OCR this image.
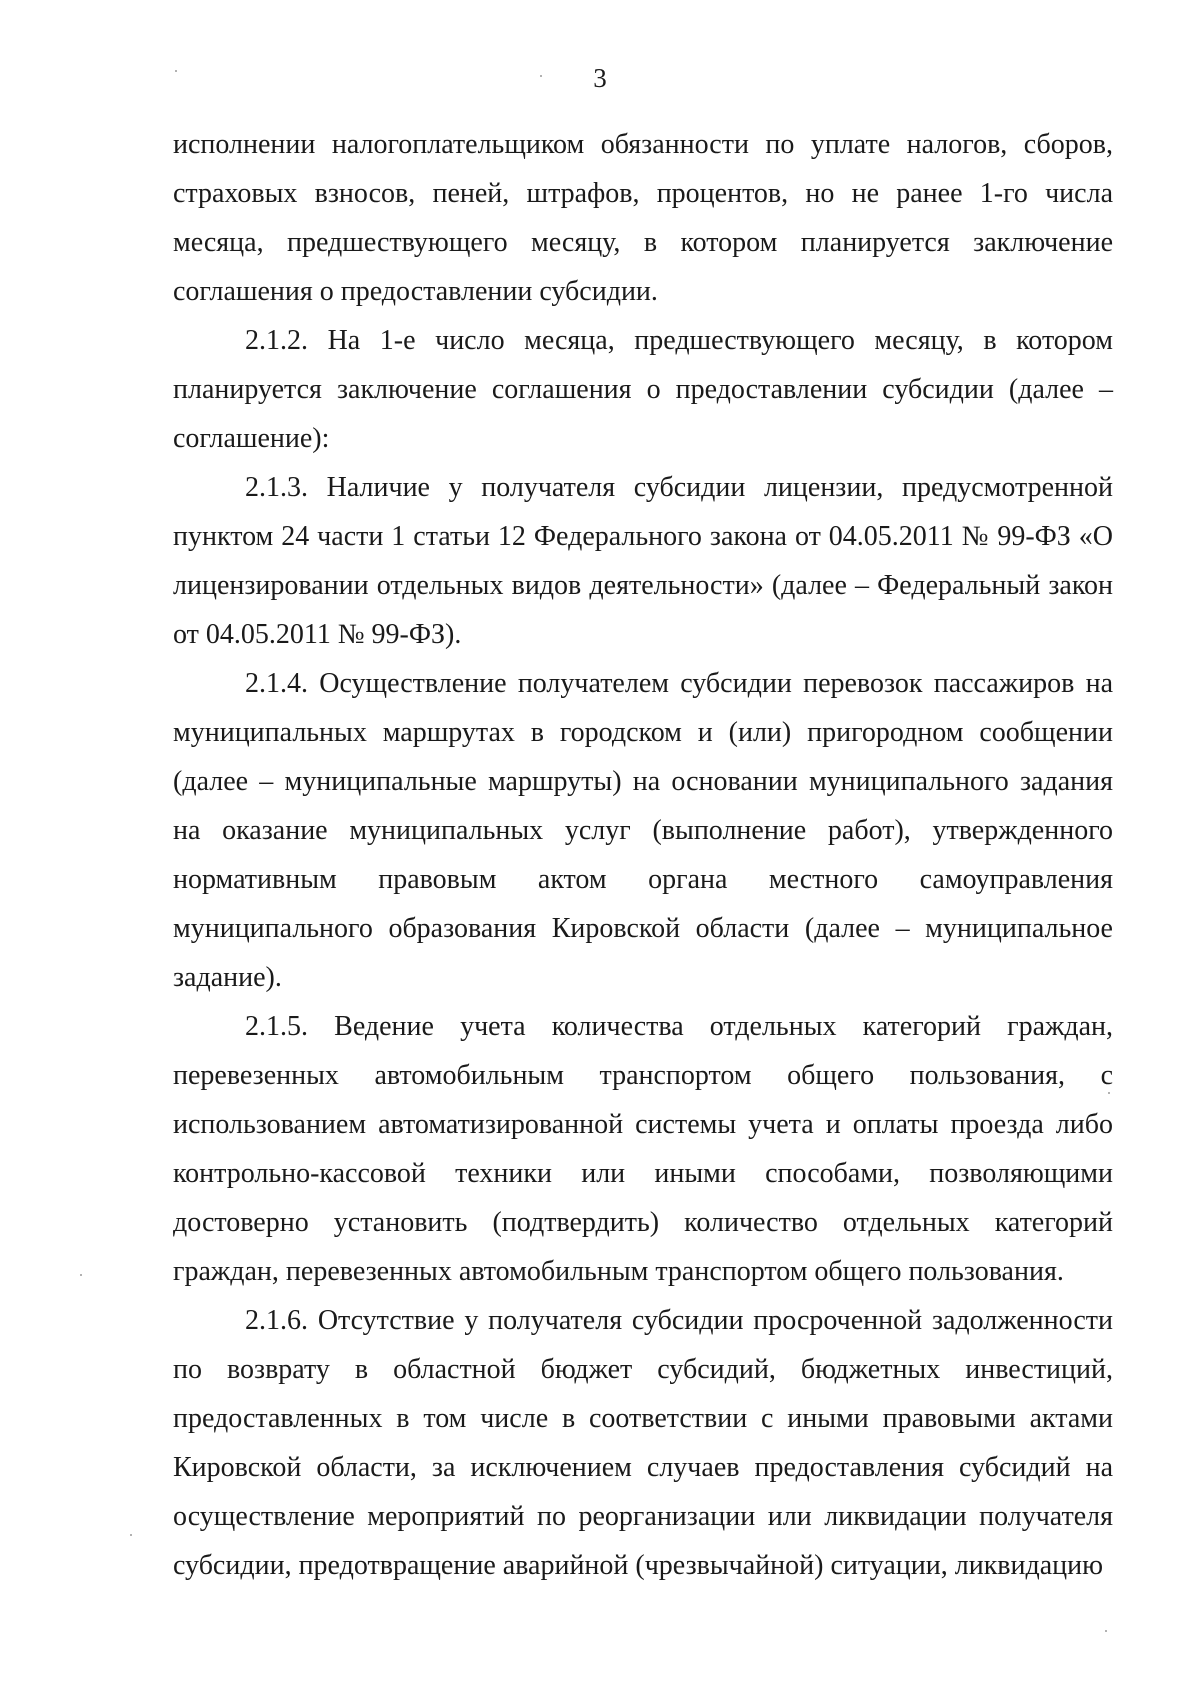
3

исполнении налогоплательщиком обязанности по уплате налогов, сборов, страховых взносов, пеней, штрафов, процентов, но не ранее 1-го числа месяца, предшествующего месяцу, в котором планируется заключение соглашения о предоставлении субсидии.

2.1.2. На 1-е число месяца, предшествующего месяцу, в котором планируется заключение соглашения о предоставлении субсидии (далее – соглашение):

2.1.3. Наличие у получателя субсидии лицензии, предусмотренной пунктом 24 части 1 статьи 12 Федерального закона от 04.05.2011 № 99-ФЗ «О лицензировании отдельных видов деятельности» (далее – Федеральный закон от 04.05.2011 № 99-ФЗ).

2.1.4. Осуществление получателем субсидии перевозок пассажиров на муниципальных маршрутах в городском и (или) пригородном сообщении (далее – муниципальные маршруты) на основании муниципального задания на оказание муниципальных услуг (выполнение работ), утвержденного нормативным правовым актом органа местного самоуправления муниципального образования Кировской области (далее – муниципальное задание).

2.1.5. Ведение учета количества отдельных категорий граждан, перевезенных автомобильным транспортом общего пользования, с использованием автоматизированной системы учета и оплаты проезда либо контрольно-кассовой техники или иными способами, позволяющими достоверно установить (подтвердить) количество отдельных категорий граждан, перевезенных автомобильным транспортом общего пользования.

2.1.6. Отсутствие у получателя субсидии просроченной задолженности по возврату в областной бюджет субсидий, бюджетных инвестиций, предоставленных в том числе в соответствии с иными правовыми актами Кировской области, за исключением случаев предоставления субсидий на осуществление мероприятий по реорганизации или ликвидации получателя субсидии, предотвращение аварийной (чрезвычайной) ситуации, ликвидацию
